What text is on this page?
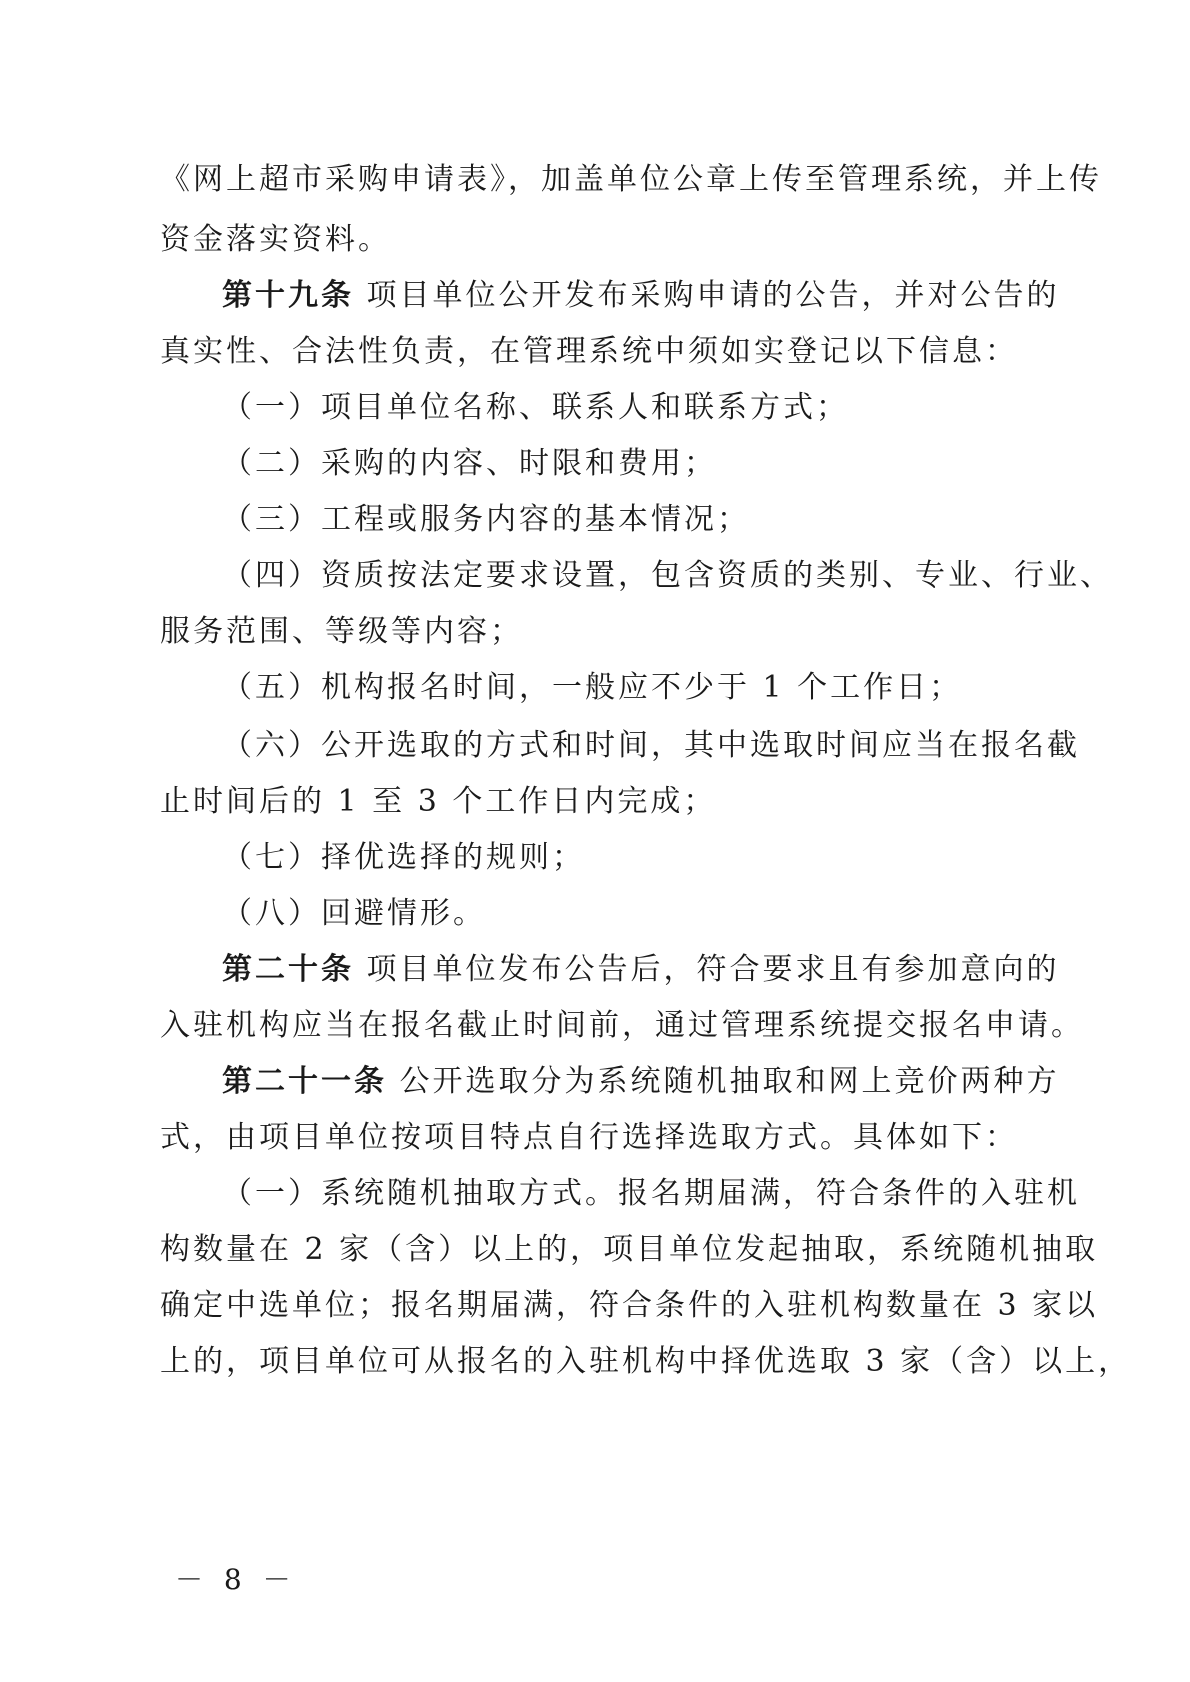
《网上超市采购申请表》，加盖单位公章上传至管理系统，并上传
资金落实资料。
第十九条 项目单位公开发布采购申请的公告，并对公告的
真实性、合法性负责，在管理系统中须如实登记以下信息：
（一）项目单位名称、联系人和联系方式；
（二）采购的内容、时限和费用；
（三）工程或服务内容的基本情况；
（四）资质按法定要求设置，包含资质的类别、专业、行业、
服务范围、等级等内容；
（五）机构报名时间，一般应不少于 1 个工作日；
（六）公开选取的方式和时间，其中选取时间应当在报名截
止时间后的 1 至 3 个工作日内完成；
（七）择优选择的规则；
（八）回避情形。
第二十条 项目单位发布公告后，符合要求且有参加意向的
入驻机构应当在报名截止时间前，通过管理系统提交报名申请。
第二十一条 公开选取分为系统随机抽取和网上竞价两种方
式，由项目单位按项目特点自行选择选取方式。具体如下：
（一）系统随机抽取方式。报名期届满，符合条件的入驻机
构数量在 2 家（含）以上的，项目单位发起抽取，系统随机抽取
确定中选单位；报名期届满，符合条件的入驻机构数量在 3 家以
上的，项目单位可从报名的入驻机构中择优选取 3 家（含）以上，
－ 8 －
